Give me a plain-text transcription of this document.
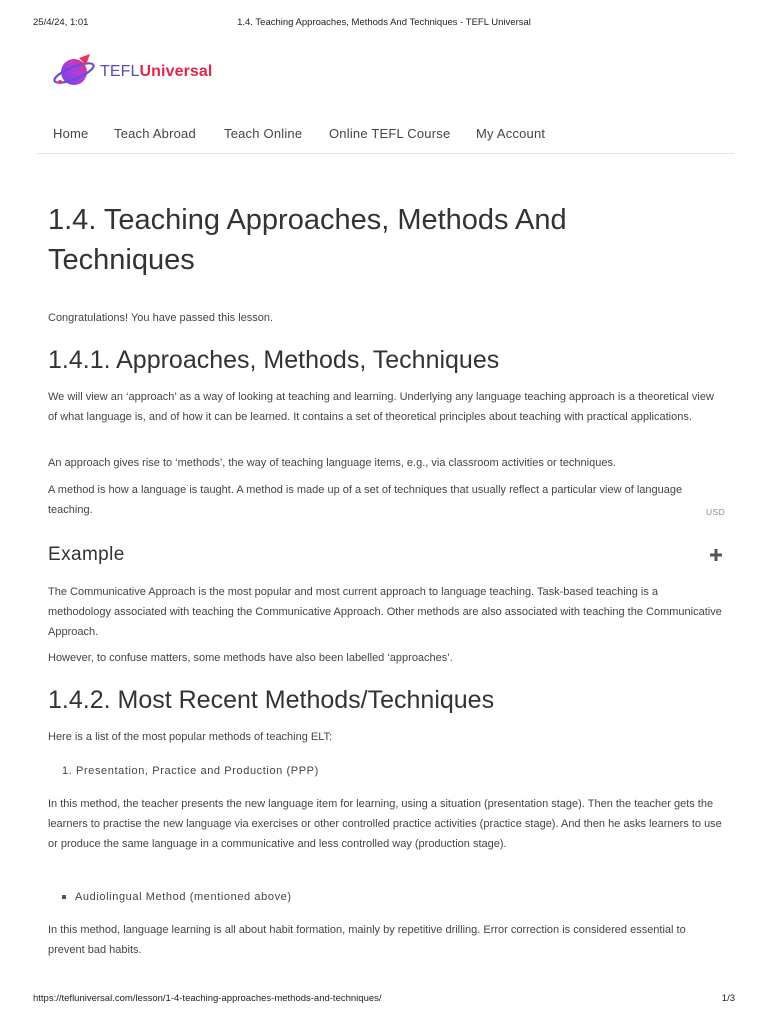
25/4/24, 1:01	1.4. Teaching Approaches, Methods And Techniques - TEFL Universal
TEFLUniversal
Home Teach Abroad Teach Online Online TEFL Course My Account
1.4. Teaching Approaches, Methods And Techniques

Congratulations! You have passed this lesson.

1.4.1. Approaches, Methods, Techniques

We will view an ‘approach’ as a way of looking at teaching and learning. Underlying any language teaching approach is a theoretical view of what language is, and of how it can be learned. It contains a set of theoretical principles about teaching with practical applications.

An approach gives rise to ‘methods’, the way of teaching language items, e.g., via classroom activities or techniques.

A method is how a language is taught. A method is made up of a set of techniques that usually reflect a particular view of language teaching.	USD
Example

The Communicative Approach is the most popular and most current approach to language teaching. Task-based teaching is a methodology associated with teaching the Communicative Approach. Other methods are also associated with teaching the Communicative Approach.

However, to confuse matters, some methods have also been labelled ‘approaches’.

1.4.2. Most Recent Methods/Techniques

Here is a list of the most popular methods of teaching ELT:

1. Presentation, Practice and Production (PPP)

In this method, the teacher presents the new language item for learning, using a situation (presentation stage). Then the teacher gets the learners to practise the new language via exercises or other controlled practice activities (practice stage). And then he asks learners to use or produce the same language in a communicative and less controlled way (production stage).

Audiolingual Method (mentioned above)

In this method, language learning is all about habit formation, mainly by repetitive drilling. Error correction is considered essential to prevent bad habits.

https://tefluniversal.com/lesson/1-4-teaching-approaches-methods-and-techniques/	1/3
